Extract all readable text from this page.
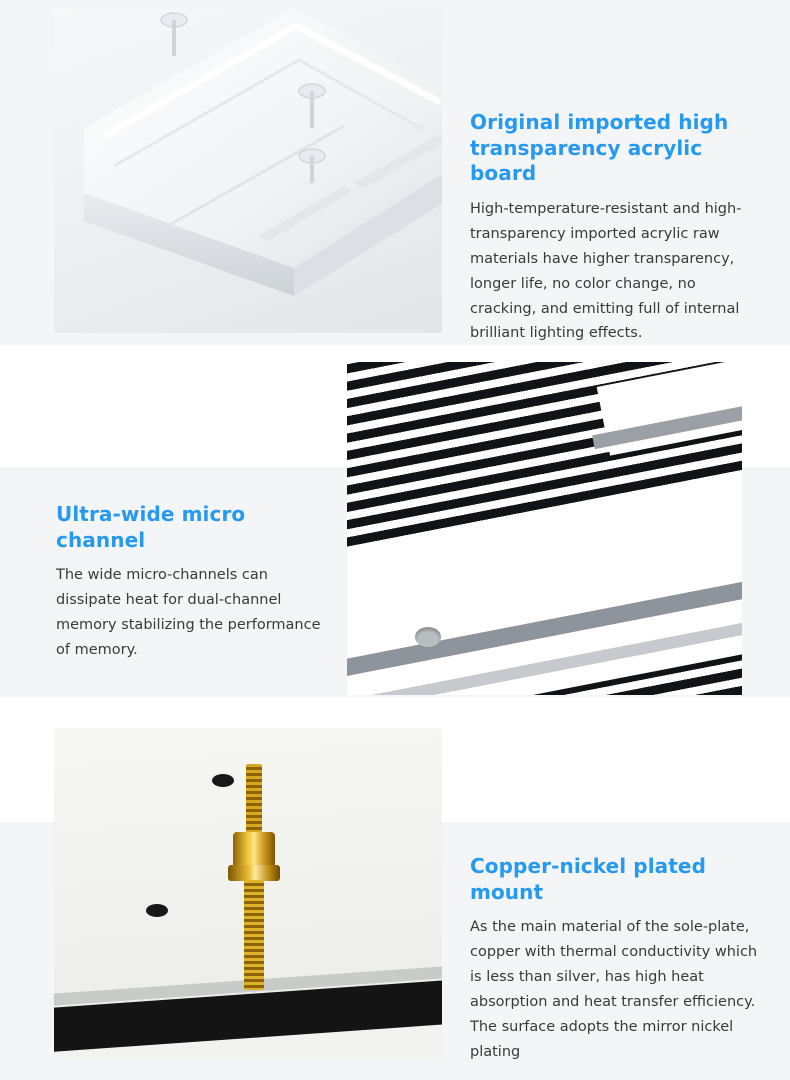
Original imported high transparency acrylic board

High-temperature-resistant and high-transparency imported acrylic raw materials have higher transparency, longer life, no color change, no cracking, and emitting full of internal brilliant lighting effects.

Ultra-wide micro channel

The wide micro-channels can dissipate heat for dual-channel memory stabilizing the performance of memory.

Copper-nickel plated mount

As the main material of the sole-plate, copper with thermal conductivity which is less than silver, has high heat absorption and heat transfer efficiency. The surface adopts the mirror nickel plating
